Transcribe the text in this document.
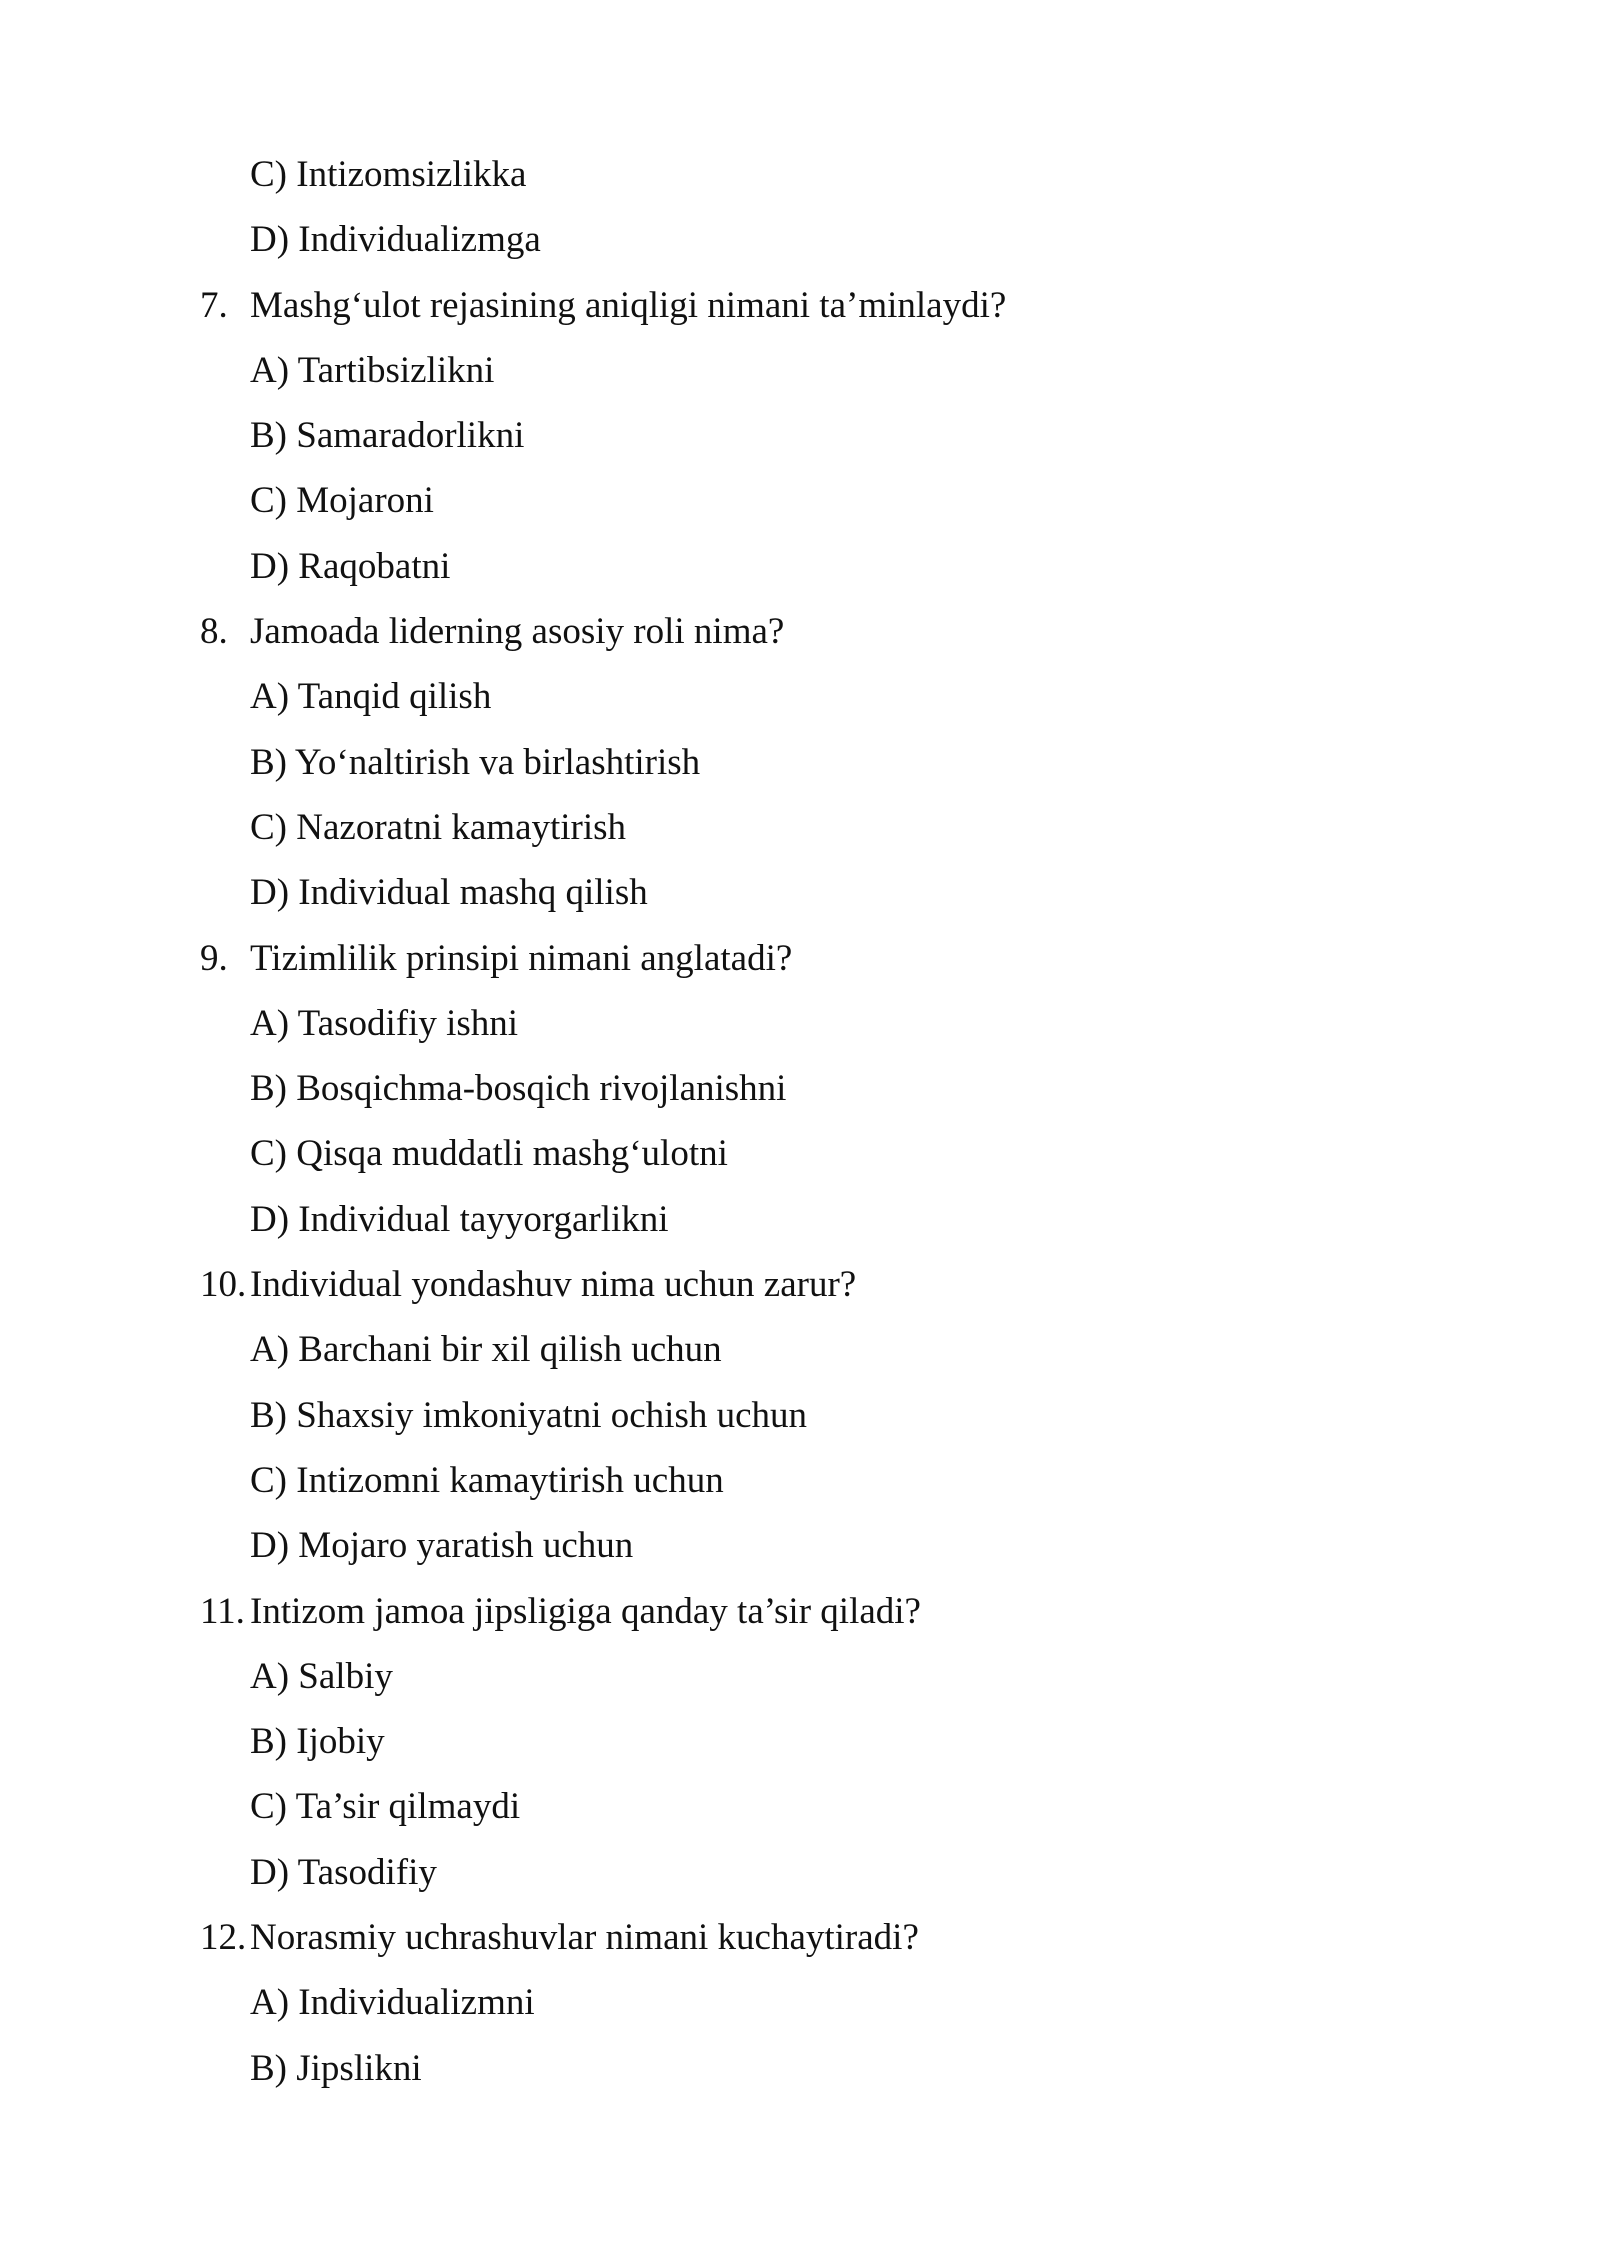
C) Intizomsizlikka
D) Individualizmga
7. Mashg‘ulot rejasining aniqligi nimani ta’minlaydi?
A) Tartibsizlikni
B) Samaradorlikni
C) Mojaroni
D) Raqobatni
8. Jamoada liderning asosiy roli nima?
A) Tanqid qilish
B) Yo‘naltirish va birlashtirish
C) Nazoratni kamaytirish
D) Individual mashq qilish
9. Tizimlilik prinsipi nimani anglatadi?
A) Tasodifiy ishni
B) Bosqichma-bosqich rivojlanishni
C) Qisqa muddatli mashg‘ulotni
D) Individual tayyorgarlikni
10. Individual yondashuv nima uchun zarur?
A) Barchani bir xil qilish uchun
B) Shaxsiy imkoniyatni ochish uchun
C) Intizomni kamaytirish uchun
D) Mojaro yaratish uchun
11. Intizom jamoa jipsligiga qanday ta’sir qiladi?
A) Salbiy
B) Ijobiy
C) Ta’sir qilmaydi
D) Tasodifiy
12. Norasmiy uchrashuvlar nimani kuchaytiradi?
A) Individualizmni
B) Jipslikni
